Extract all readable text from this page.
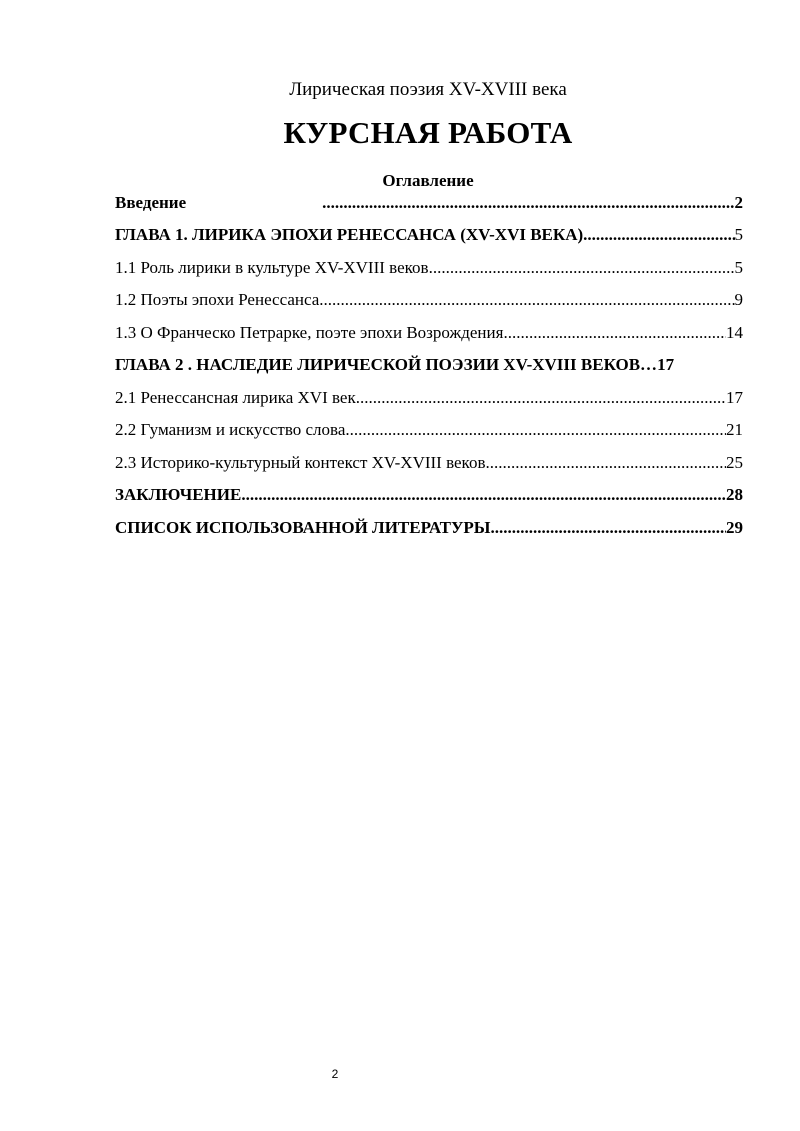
Лирическая поэзия XV-XVIII века
КУРСНАЯ РАБОТА
Оглавление
Введение .....	2
ГЛАВА 1. ЛИРИКА ЭПОХИ РЕНЕССАНСА (XV-XVI ВЕКА) .....	5
1.1 Роль лирики в культуре XV-XVIII веков .....	5
1.2 Поэты эпохи Ренессанса .....	9
1.3 О Франческо Петрарке, поэте эпохи Возрождения .....	14
ГЛАВА 2 . НАСЛЕДИЕ ЛИРИЧЕСКОЙ ПОЭЗИИ XV-XVIII ВЕКОВ… 17
2.1 Ренессансная лирика XVI век .....	17
2.2 Гуманизм и искусство слова .....	21
2.3 Историко-культурный контекст XV-XVIII веков .....	25
ЗАКЛЮЧЕНИЕ .....	28
СПИСОК ИСПОЛЬЗОВАННОЙ ЛИТЕРАТУРЫ .....	29
2
